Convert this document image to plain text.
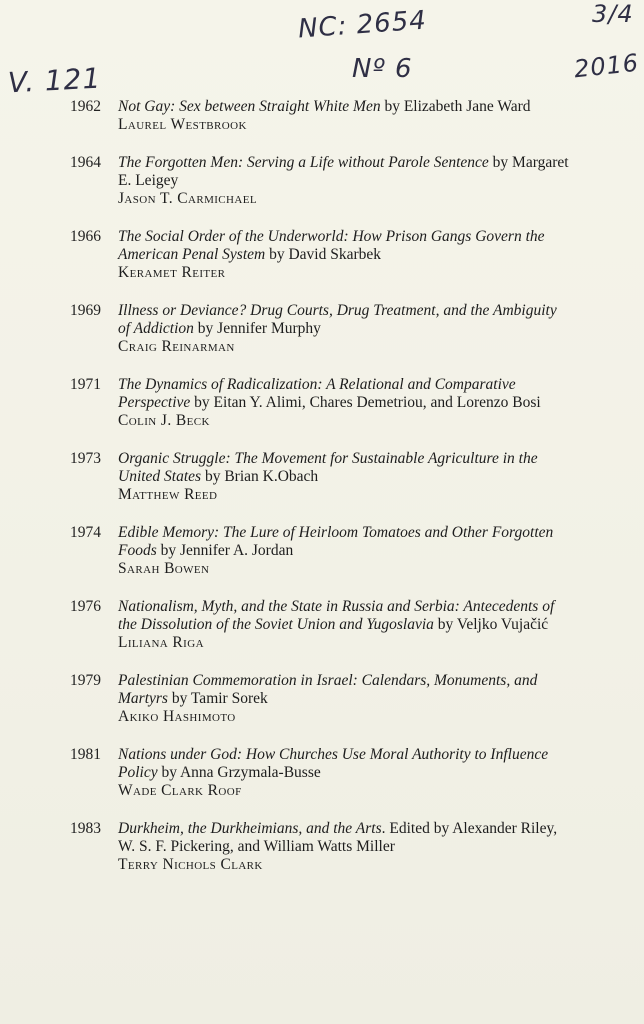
NC: 2654
Nº 6
V. 121
3/4
2016
1962	Not Gay: Sex between Straight White Men by Elizabeth Jane Ward
Laurel Westbrook
1964	The Forgotten Men: Serving a Life without Parole Sentence by Margaret E. Leigey
Jason T. Carmichael
1966	The Social Order of the Underworld: How Prison Gangs Govern the American Penal System by David Skarbek
Keramet Reiter
1969	Illness or Deviance? Drug Courts, Drug Treatment, and the Ambiguity of Addiction by Jennifer Murphy
Craig Reinarman
1971	The Dynamics of Radicalization: A Relational and Comparative Perspective by Eitan Y. Alimi, Chares Demetriou, and Lorenzo Bosi
Colin J. Beck
1973	Organic Struggle: The Movement for Sustainable Agriculture in the United States by Brian K.Obach
Matthew Reed
1974	Edible Memory: The Lure of Heirloom Tomatoes and Other Forgotten Foods by Jennifer A. Jordan
Sarah Bowen
1976	Nationalism, Myth, and the State in Russia and Serbia: Antecedents of the Dissolution of the Soviet Union and Yugoslavia by Veljko Vujačić
Liliana Riga
1979	Palestinian Commemoration in Israel: Calendars, Monuments, and Martyrs by Tamir Sorek
Akiko Hashimoto
1981	Nations under God: How Churches Use Moral Authority to Influence Policy by Anna Grzymala-Busse
Wade Clark Roof
1983	Durkheim, the Durkheimians, and the Arts. Edited by Alexander Riley, W. S. F. Pickering, and William Watts Miller
Terry Nichols Clark
